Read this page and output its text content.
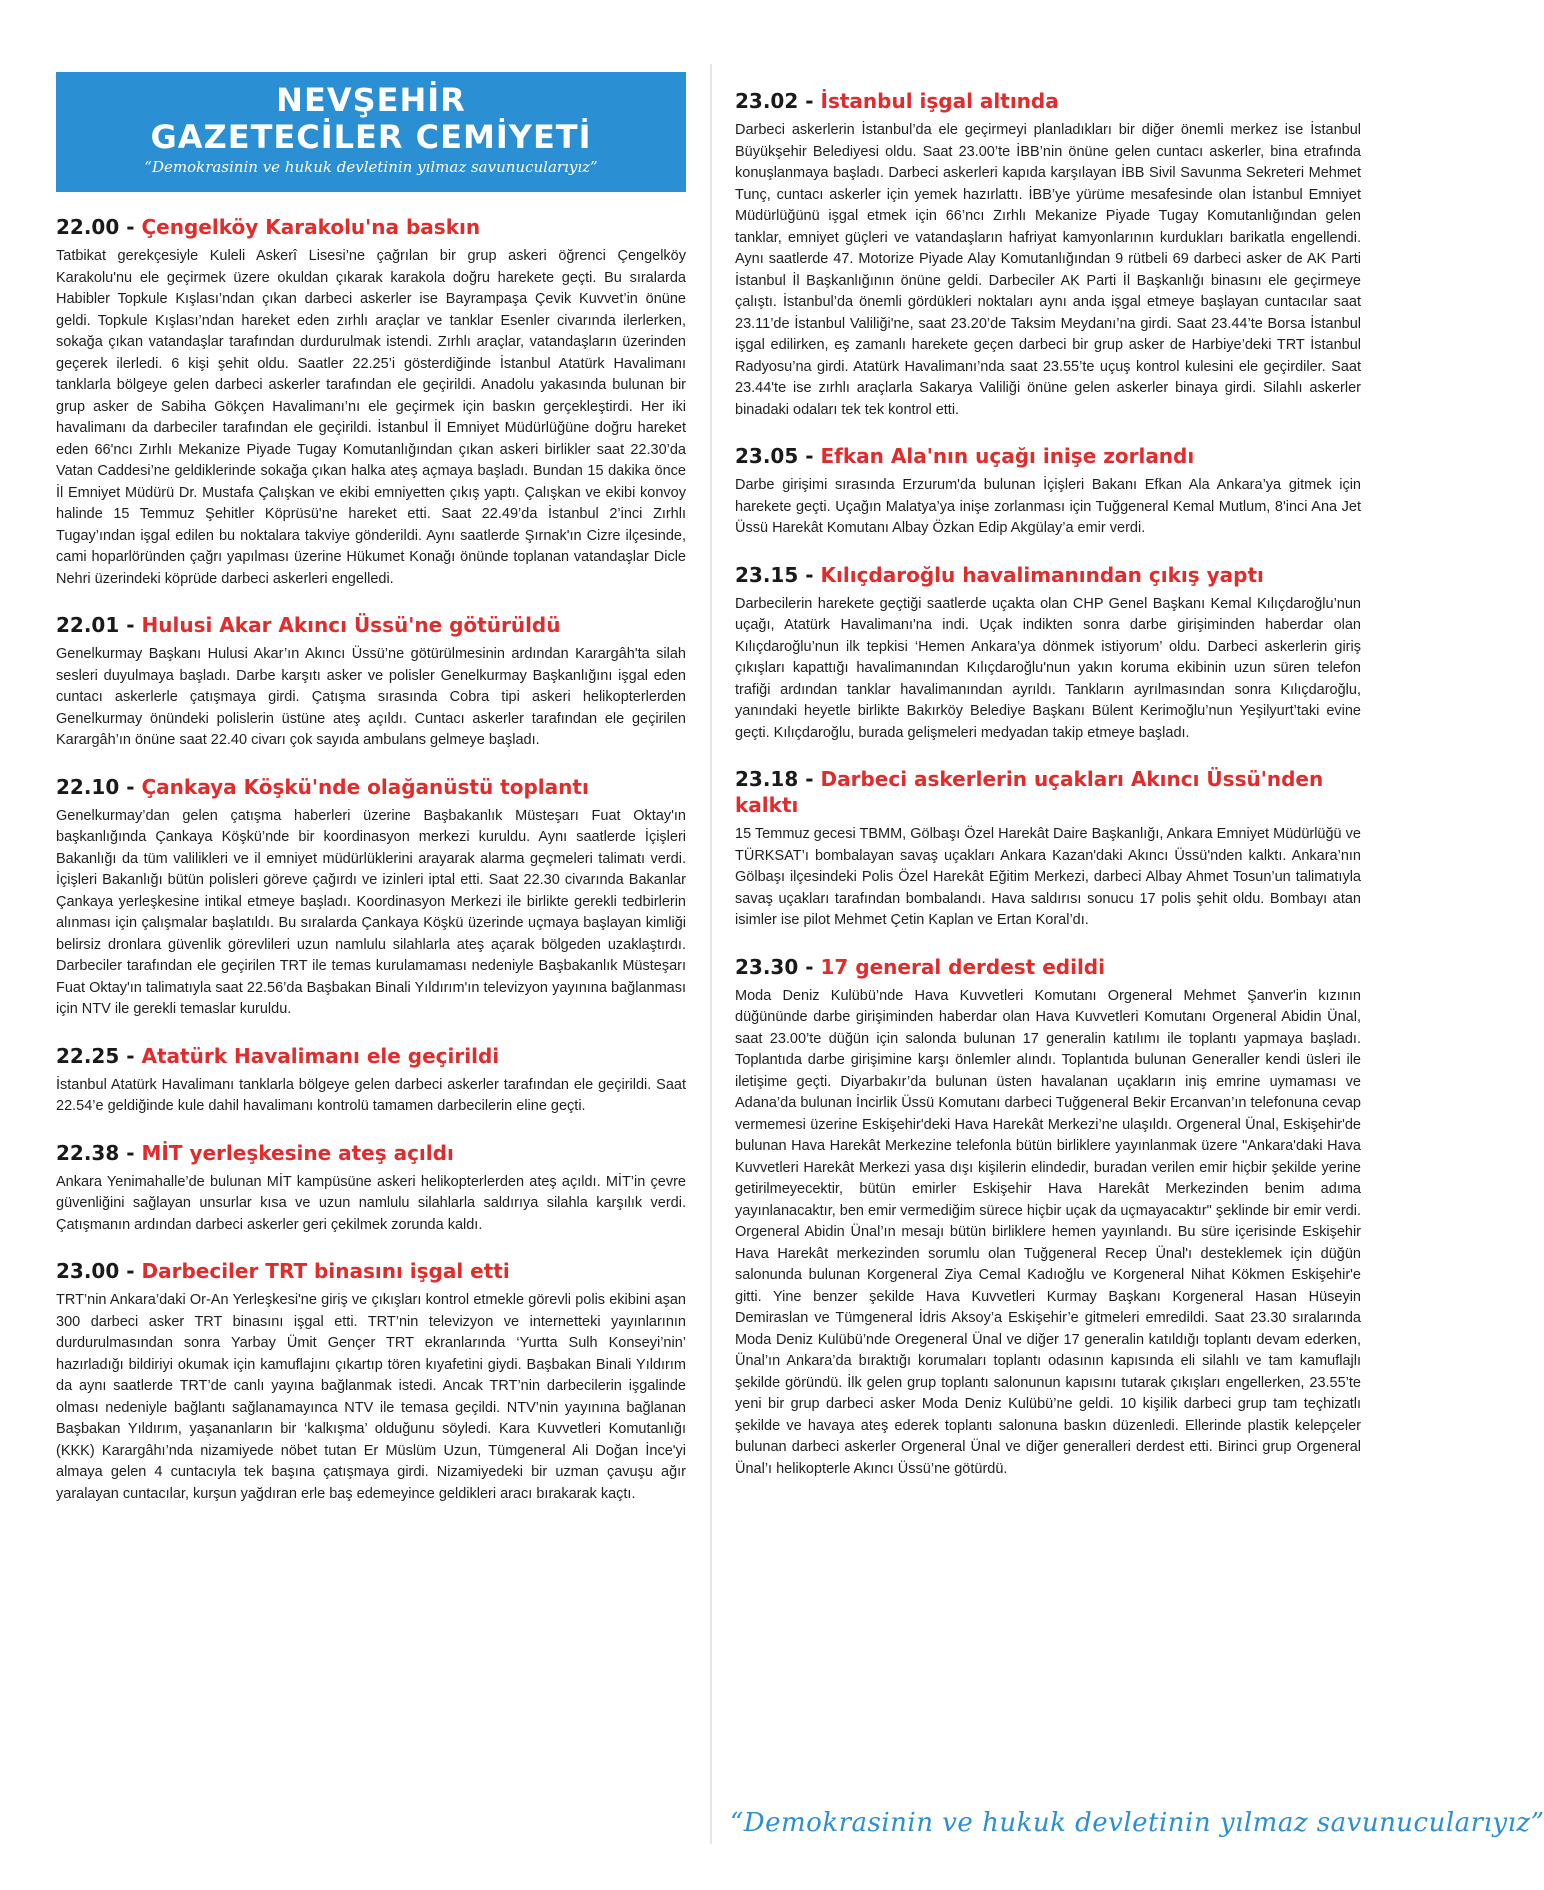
NEVŞEHİR
GAZETECİLER CEMİYETİ
“Demokrasinin ve hukuk devletinin yılmaz savunucularıyız”
22.00 - Çengelköy Karakolu'na baskın

Tatbikat gerekçesiyle Kuleli Askerî Lisesi’ne çağrılan bir grup askeri öğrenci Çengelköy Karakolu'nu ele geçirmek üzere okuldan çıkarak karakola doğru harekete geçti. Bu sıralarda Habibler Topkule Kışlası’ndan çıkan darbeci askerler ise Bayrampaşa Çevik Kuvvet’in önüne geldi. Topkule Kışlası’ndan hareket eden zırhlı araçlar ve tanklar Esenler civarında ilerlerken, sokağa çıkan vatandaşlar tarafından durdurulmak istendi. Zırhlı araçlar, vatandaşların üzerinden geçerek ilerledi. 6 kişi şehit oldu. Saatler 22.25’i gösterdiğinde İstanbul Atatürk Havalimanı tanklarla bölgeye gelen darbeci askerler tarafından ele geçirildi. Anadolu yakasında bulunan bir grup asker de Sabiha Gökçen Havalimanı’nı ele geçirmek için baskın gerçekleştirdi. Her iki havalimanı da darbeciler tarafından ele geçirildi. İstanbul İl Emniyet Müdürlüğüne doğru hareket eden 66'ncı Zırhlı Mekanize Piyade Tugay Komutanlığından çıkan askeri birlikler saat 22.30’da Vatan Caddesi’ne geldiklerinde sokağa çıkan halka ateş açmaya başladı. Bundan 15 dakika önce İl Emniyet Müdürü Dr. Mustafa Çalışkan ve ekibi emniyetten çıkış yaptı. Çalışkan ve ekibi konvoy halinde 15 Temmuz Şehitler Köprüsü'ne hareket etti. Saat 22.49’da İstanbul 2’inci Zırhlı Tugay’ından işgal edilen bu noktalara takviye gönderildi. Aynı saatlerde Şırnak'ın Cizre ilçesinde, cami hoparlöründen çağrı yapılması üzerine Hükumet Konağı önünde toplanan vatandaşlar Dicle Nehri üzerindeki köprüde darbeci askerleri engelledi.

22.01 - Hulusi Akar Akıncı Üssü'ne götürüldü

Genelkurmay Başkanı Hulusi Akar’ın Akıncı Üssü’ne götürülmesinin ardından Karargâh'ta silah sesleri duyulmaya başladı. Darbe karşıtı asker ve polisler Genelkurmay Başkanlığını işgal eden cuntacı askerlerle çatışmaya girdi. Çatışma sırasında Cobra tipi askeri helikopterlerden Genelkurmay önündeki polislerin üstüne ateş açıldı. Cuntacı askerler tarafından ele geçirilen Karargâh’ın önüne saat 22.40 civarı çok sayıda ambulans gelmeye başladı.

22.10 - Çankaya Köşkü'nde olağanüstü toplantı

Genelkurmay’dan gelen çatışma haberleri üzerine Başbakanlık Müsteşarı Fuat Oktay'ın başkanlığında Çankaya Köşkü’nde bir koordinasyon merkezi kuruldu. Aynı saatlerde İçişleri Bakanlığı da tüm valilikleri ve il emniyet müdürlüklerini arayarak alarma geçmeleri talimatı verdi. İçişleri Bakanlığı bütün polisleri göreve çağırdı ve izinleri iptal etti. Saat 22.30 civarında Bakanlar Çankaya yerleşkesine intikal etmeye başladı. Koordinasyon Merkezi ile birlikte gerekli tedbirlerin alınması için çalışmalar başlatıldı. Bu sıralarda Çankaya Köşkü üzerinde uçmaya başlayan kimliği belirsiz dronlara güvenlik görevlileri uzun namlulu silahlarla ateş açarak bölgeden uzaklaştırdı. Darbeciler tarafından ele geçirilen TRT ile temas kurulamaması nedeniyle Başbakanlık Müsteşarı Fuat Oktay'ın talimatıyla saat 22.56’da Başbakan Binali Yıldırım'ın televizyon yayınına bağlanması için NTV ile gerekli temaslar kuruldu.

22.25 - Atatürk Havalimanı ele geçirildi

İstanbul Atatürk Havalimanı tanklarla bölgeye gelen darbeci askerler tarafından ele geçirildi. Saat 22.54’e geldiğinde kule dahil havalimanı kontrolü tamamen darbecilerin eline geçti.

22.38 - MİT yerleşkesine ateş açıldı

Ankara Yenimahalle’de bulunan MİT kampüsüne askeri helikopterlerden ateş açıldı. MİT’in çevre güvenliğini sağlayan unsurlar kısa ve uzun namlulu silahlarla saldırıya silahla karşılık verdi. Çatışmanın ardından darbeci askerler geri çekilmek zorunda kaldı.

23.00 - Darbeciler TRT binasını işgal etti

TRT’nin Ankara’daki Or-An Yerleşkesi'ne giriş ve çıkışları kontrol etmekle görevli polis ekibini aşan 300 darbeci asker TRT binasını işgal etti. TRT’nin televizyon ve internetteki yayınlarının durdurulmasından sonra Yarbay Ümit Gençer TRT ekranlarında ‘Yurtta Sulh Konseyi’nin’ hazırladığı bildiriyi okumak için kamuflajını çıkartıp tören kıyafetini giydi. Başbakan Binali Yıldırım da aynı saatlerde TRT’de canlı yayına bağlanmak istedi. Ancak TRT’nin darbecilerin işgalinde olması nedeniyle bağlantı sağlanamayınca NTV ile temasa geçildi. NTV’nin yayınına bağlanan Başbakan Yıldırım, yaşananların bir ‘kalkışma’ olduğunu söyledi. Kara Kuvvetleri Komutanlığı (KKK) Karargâhı’nda nizamiyede nöbet tutan Er Müslüm Uzun, Tümgeneral Ali Doğan İnce'yi almaya gelen 4 cuntacıyla tek başına çatışmaya girdi. Nizamiyedeki bir uzman çavuşu ağır yaralayan cuntacılar, kurşun yağdıran erle baş edemeyince geldikleri aracı bırakarak kaçtı.

23.02 - İstanbul işgal altında

Darbeci askerlerin İstanbul’da ele geçirmeyi planladıkları bir diğer önemli merkez ise İstanbul Büyükşehir Belediyesi oldu. Saat 23.00’te İBB’nin önüne gelen cuntacı askerler, bina etrafında konuşlanmaya başladı. Darbeci askerleri kapıda karşılayan İBB Sivil Savunma Sekreteri Mehmet Tunç, cuntacı askerler için yemek hazırlattı. İBB’ye yürüme mesafesinde olan İstanbul Emniyet Müdürlüğünü işgal etmek için 66’ncı Zırhlı Mekanize Piyade Tugay Komutanlığından gelen tanklar, emniyet güçleri ve vatandaşların hafriyat kamyonlarının kurdukları barikatla engellendi. Aynı saatlerde 47. Motorize Piyade Alay Komutanlığından 9 rütbeli 69 darbeci asker de AK Parti İstanbul İl Başkanlığının önüne geldi. Darbeciler AK Parti İl Başkanlığı binasını ele geçirmeye çalıştı. İstanbul’da önemli gördükleri noktaları aynı anda işgal etmeye başlayan cuntacılar saat 23.11’de İstanbul Valiliği'ne, saat 23.20’de Taksim Meydanı’na girdi. Saat 23.44’te Borsa İstanbul işgal edilirken, eş zamanlı harekete geçen darbeci bir grup asker de Harbiye’deki TRT İstanbul Radyosu’na girdi. Atatürk Havalimanı’nda saat 23.55’te uçuş kontrol kulesini ele geçirdiler. Saat 23.44'te ise zırhlı araçlarla Sakarya Valiliği önüne gelen askerler binaya girdi. Silahlı askerler binadaki odaları tek tek kontrol etti.

23.05 - Efkan Ala'nın uçağı inişe zorlandı

Darbe girişimi sırasında Erzurum'da bulunan İçişleri Bakanı Efkan Ala Ankara’ya gitmek için harekete geçti. Uçağın Malatya’ya inişe zorlanması için Tuğgeneral Kemal Mutlum, 8'inci Ana Jet Üssü Harekât Komutanı Albay Özkan Edip Akgülay’a emir verdi.

23.15 - Kılıçdaroğlu havalimanından çıkış yaptı

Darbecilerin harekete geçtiği saatlerde uçakta olan CHP Genel Başkanı Kemal Kılıçdaroğlu’nun uçağı, Atatürk Havalimanı'na indi. Uçak indikten sonra darbe girişiminden haberdar olan Kılıçdaroğlu’nun ilk tepkisi ‘Hemen Ankara’ya dönmek istiyorum’ oldu. Darbeci askerlerin giriş çıkışları kapattığı havalimanından Kılıçdaroğlu'nun yakın koruma ekibinin uzun süren telefon trafiği ardından tanklar havalimanından ayrıldı. Tankların ayrılmasından sonra Kılıçdaroğlu, yanındaki heyetle birlikte Bakırköy Belediye Başkanı Bülent Kerimoğlu’nun Yeşilyurt’taki evine geçti. Kılıçdaroğlu, burada gelişmeleri medyadan takip etmeye başladı.

23.18 - Darbeci askerlerin uçakları Akıncı Üssü'nden kalktı

15 Temmuz gecesi TBMM, Gölbaşı Özel Harekât Daire Başkanlığı, Ankara Emniyet Müdürlüğü ve TÜRKSAT’ı bombalayan savaş uçakları Ankara Kazan'daki Akıncı Üssü'nden kalktı. Ankara’nın Gölbaşı ilçesindeki Polis Özel Harekât Eğitim Merkezi, darbeci Albay Ahmet Tosun’un talimatıyla savaş uçakları tarafından bombalandı. Hava saldırısı sonucu 17 polis şehit oldu. Bombayı atan isimler ise pilot Mehmet Çetin Kaplan ve Ertan Koral’dı.

23.30 - 17 general derdest edildi

Moda Deniz Kulübü’nde Hava Kuvvetleri Komutanı Orgeneral Mehmet Şanver'in kızının düğününde darbe girişiminden haberdar olan Hava Kuvvetleri Komutanı Orgeneral Abidin Ünal, saat 23.00’te düğün için salonda bulunan 17 generalin katılımı ile toplantı yapmaya başladı. Toplantıda darbe girişimine karşı önlemler alındı. Toplantıda bulunan Generaller kendi üsleri ile iletişime geçti. Diyarbakır’da bulunan üsten havalanan uçakların iniş emrine uymaması ve Adana’da bulunan İncirlik Üssü Komutanı darbeci Tuğgeneral Bekir Ercanvan’ın telefonuna cevap vermemesi üzerine Eskişehir'deki Hava Harekât Merkezi’ne ulaşıldı. Orgeneral Ünal, Eskişehir'de bulunan Hava Harekât Merkezine telefonla bütün birliklere yayınlanmak üzere "Ankara'daki Hava Kuvvetleri Harekât Merkezi yasa dışı kişilerin elindedir, buradan verilen emir hiçbir şekilde yerine getirilmeyecektir, bütün emirler Eskişehir Hava Harekât Merkezinden benim adıma yayınlanacaktır, ben emir vermediğim sürece hiçbir uçak da uçmayacaktır" şeklinde bir emir verdi. Orgeneral Abidin Ünal’ın mesajı bütün birliklere hemen yayınlandı. Bu süre içerisinde Eskişehir Hava Harekât merkezinden sorumlu olan Tuğgeneral Recep Ünal'ı desteklemek için düğün salonunda bulunan Korgeneral Ziya Cemal Kadıoğlu ve Korgeneral Nihat Kökmen Eskişehir'e gitti. Yine benzer şekilde Hava Kuvvetleri Kurmay Başkanı Korgeneral Hasan Hüseyin Demiraslan ve Tümgeneral İdris Aksoy’a Eskişehir’e gitmeleri emredildi. Saat 23.30 sıralarında Moda Deniz Kulübü’nde Oregeneral Ünal ve diğer 17 generalin katıldığı toplantı devam ederken, Ünal’ın Ankara’da bıraktığı korumaları toplantı odasının kapısında eli silahlı ve tam kamuflajlı şekilde göründü. İlk gelen grup toplantı salonunun kapısını tutarak çıkışları engellerken, 23.55’te yeni bir grup darbeci asker Moda Deniz Kulübü’ne geldi. 10 kişilik darbeci grup tam teçhizatlı şekilde ve havaya ateş ederek toplantı salonuna baskın düzenledi. Ellerinde plastik kelepçeler bulunan darbeci askerler Orgeneral Ünal ve diğer generalleri derdest etti. Birinci grup Orgeneral Ünal’ı helikopterle Akıncı Üssü’ne götürdü.

“Demokrasinin ve hukuk devletinin yılmaz savunucularıyız”
